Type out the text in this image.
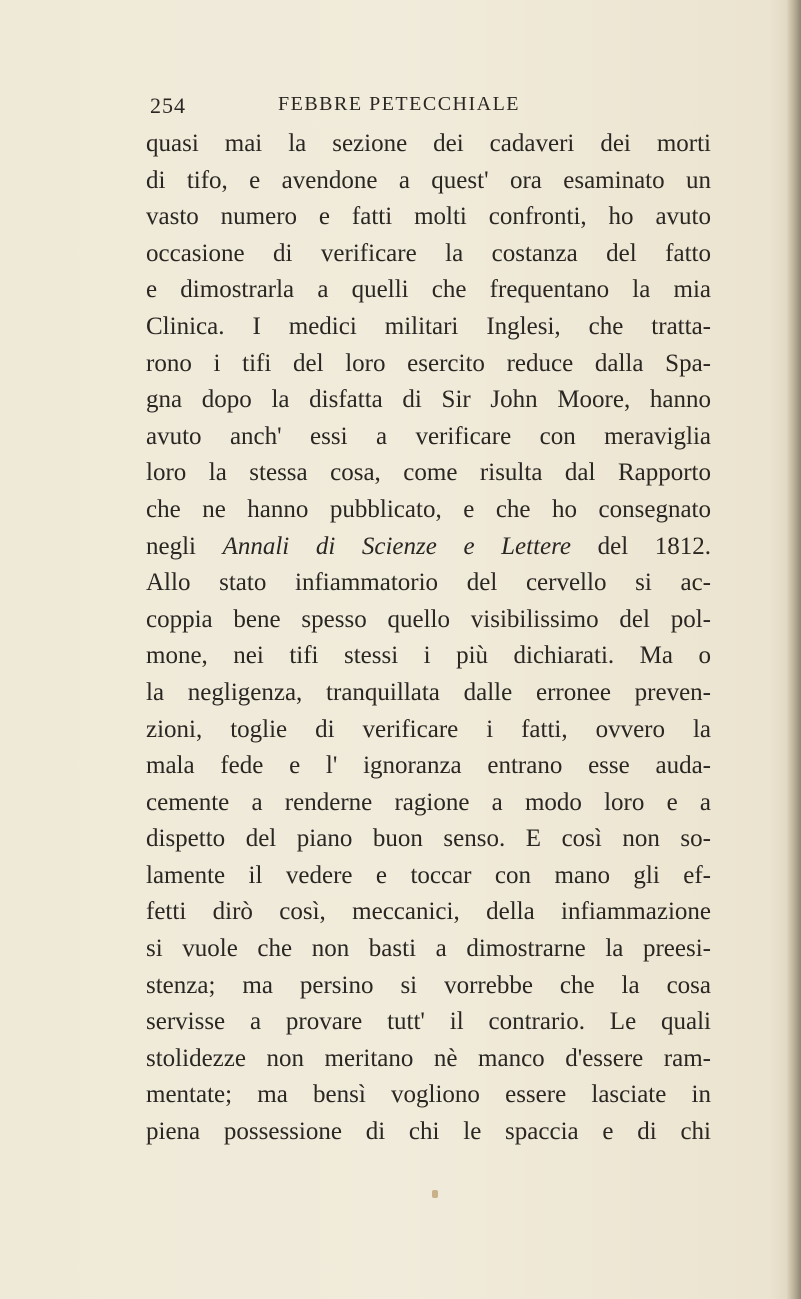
254	FEBBRE PETECCHIALE
quasi mai la sezione dei cadaveri dei morti
di tifo, e avendone a quest' ora esaminato un
vasto numero e fatti molti confronti, ho avuto
occasione di verificare la costanza del fatto
e dimostrarla a quelli che frequentano la mia
Clinica. I medici militari Inglesi, che tratta-
rono i tifi del loro esercito reduce dalla Spa-
gna dopo la disfatta di Sir John Moore, hanno
avuto anch' essi a verificare con meraviglia
loro la stessa cosa, come risulta dal Rapporto
che ne hanno pubblicato, e che ho consegnato
negli Annali di Scienze e Lettere del 1812.
Allo stato infiammatorio del cervello si ac-
coppia bene spesso quello visibilissimo del pol-
mone, nei tifi stessi i più dichiarati. Ma o
la negligenza, tranquillata dalle erronee preven-
zioni, toglie di verificare i fatti, ovvero la
mala fede e l' ignoranza entrano esse auda-
cemente a renderne ragione a modo loro e a
dispetto del piano buon senso. E così non so-
lamente il vedere e toccar con mano gli ef-
fetti dirò così, meccanici, della infiammazione
si vuole che non basti a dimostrarne la preesi-
stenza; ma persino si vorrebbe che la cosa
servisse a provare tutt' il contrario. Le quali
stolidezze non meritano nè manco d'essere ram-
mentate; ma bensì vogliono essere lasciate in
piena possessione di chi le spaccia e di chi
